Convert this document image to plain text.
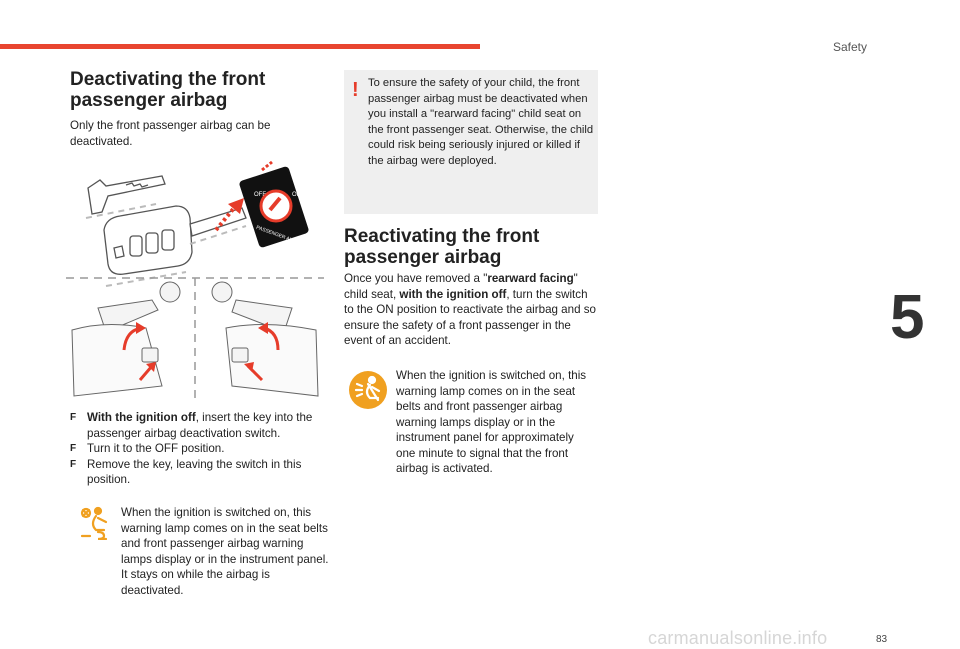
Safety
5
83
carmanualsonline.info
Deactivating the front
passenger airbag

Only the front passenger airbag can be deactivated.

OFF	ON
PASSENGER AIRBAG
F With the ignition off, insert the key into the passenger airbag deactivation switch.
F Turn it to the OFF position.
F Remove the key, leaving the switch in this position.

When the ignition is switched on, this warning lamp comes on in the seat belts and front passenger airbag warning lamps display or in the instrument panel. It stays on while the airbag is deactivated.

! To ensure the safety of your child, the front passenger airbag must be deactivated when you install a "rearward facing" child seat on the front passenger seat. Otherwise, the child could risk being seriously injured or killed if the airbag were deployed.
Reactivating the front
passenger airbag

Once you have removed a "rearward facing" child seat, with the ignition off, turn the switch to the ON position to reactivate the airbag and so ensure the safety of a front passenger in the event of an accident.

When the ignition is switched on, this warning lamp comes on in the seat belts and front passenger airbag warning lamps display or in the instrument panel for approximately one minute to signal that the front airbag is activated.
